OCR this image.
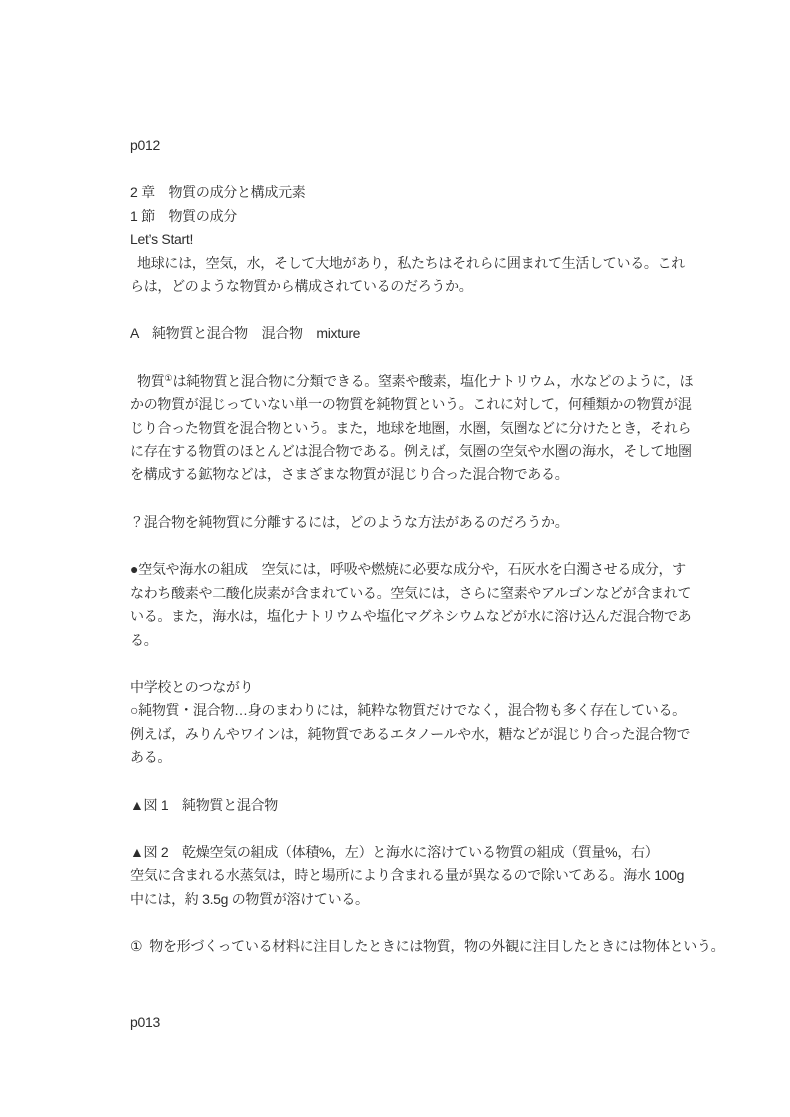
p012

2 章　物質の成分と構成元素

1 節　物質の成分

Let’s Start!

地球には，空気，水，そして大地があり，私たちはそれらに囲まれて生活している。これらは，どのような物質から構成されているのだろうか。

A　純物質と混合物　混合物　mixture

物質①は純物質と混合物に分類できる。窒素や酸素，塩化ナトリウム，水などのように，ほかの物質が混じっていない単一の物質を純物質という。これに対して，何種類かの物質が混じり合った物質を混合物という。また，地球を地圏，水圏，気圏などに分けたとき，それらに存在する物質のほとんどは混合物である。例えば，気圏の空気や水圏の海水，そして地圏を構成する鉱物などは，さまざまな物質が混じり合った混合物である。

？混合物を純物質に分離するには，どのような方法があるのだろうか。

●空気や海水の組成　空気には，呼吸や燃焼に必要な成分や，石灰水を白濁させる成分，すなわち酸素や二酸化炭素が含まれている。空気には，さらに窒素やアルゴンなどが含まれている。また，海水は，塩化ナトリウムや塩化マグネシウムなどが水に溶け込んだ混合物である。

中学校とのつながり

○純物質・混合物…身のまわりには，純粋な物質だけでなく，混合物も多く存在している。例えば，みりんやワインは，純物質であるエタノールや水，糖などが混じり合った混合物である。

▲図 1　純物質と混合物

▲図 2　乾燥空気の組成（体積%，左）と海水に溶けている物質の組成（質量%，右）

空気に含まれる水蒸気は，時と場所により含まれる量が異なるので除いてある。海水 100g 中には，約 3.5g の物質が溶けている。

① 物を形づくっている材料に注目したときには物質，物の外観に注目したときには物体という。

p013
